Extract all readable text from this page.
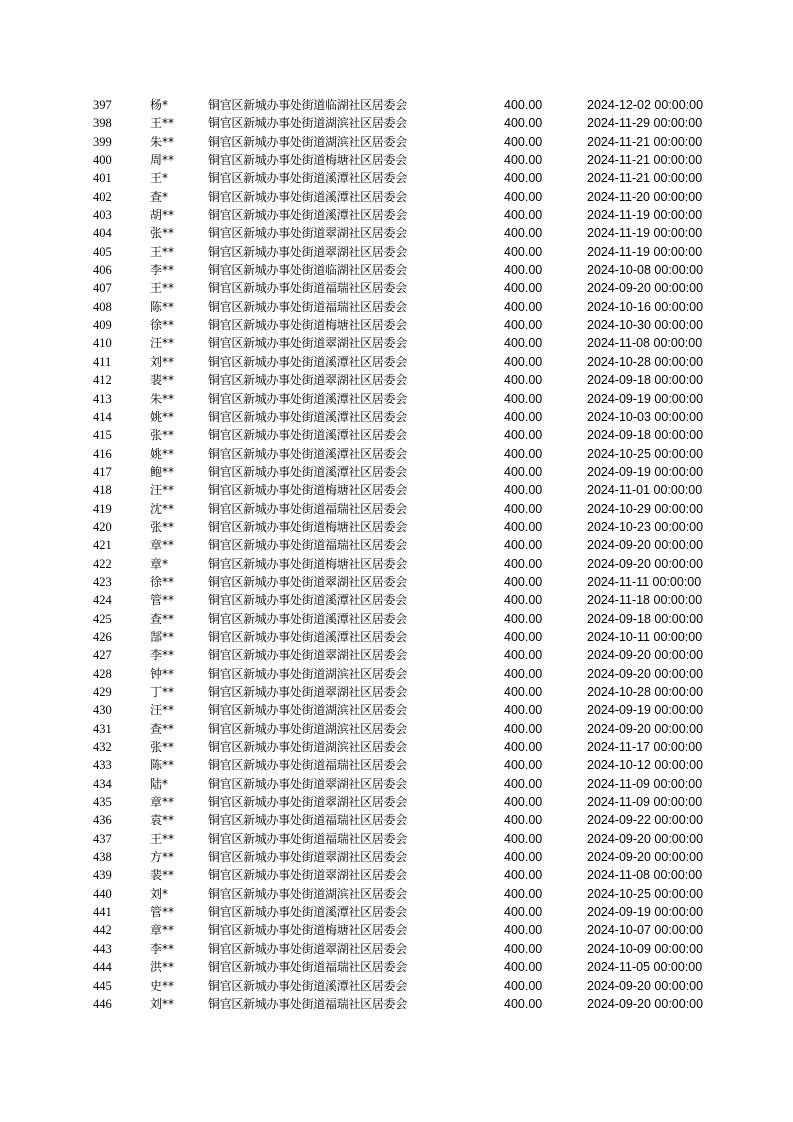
397	杨*	铜官区新城办事处街道临湖社区居委会	400.00	2024-12-02 00:00:00
398	王**	铜官区新城办事处街道湖滨社区居委会	400.00	2024-11-29 00:00:00
399	朱**	铜官区新城办事处街道湖滨社区居委会	400.00	2024-11-21 00:00:00
400	周**	铜官区新城办事处街道梅塘社区居委会	400.00	2024-11-21 00:00:00
401	王*	铜官区新城办事处街道溪潭社区居委会	400.00	2024-11-21 00:00:00
402	查*	铜官区新城办事处街道溪潭社区居委会	400.00	2024-11-20 00:00:00
403	胡**	铜官区新城办事处街道溪潭社区居委会	400.00	2024-11-19 00:00:00
404	张**	铜官区新城办事处街道翠湖社区居委会	400.00	2024-11-19 00:00:00
405	王**	铜官区新城办事处街道翠湖社区居委会	400.00	2024-11-19 00:00:00
406	李**	铜官区新城办事处街道临湖社区居委会	400.00	2024-10-08 00:00:00
407	王**	铜官区新城办事处街道福瑞社区居委会	400.00	2024-09-20 00:00:00
408	陈**	铜官区新城办事处街道福瑞社区居委会	400.00	2024-10-16 00:00:00
409	徐**	铜官区新城办事处街道梅塘社区居委会	400.00	2024-10-30 00:00:00
410	汪**	铜官区新城办事处街道翠湖社区居委会	400.00	2024-11-08 00:00:00
411	刘**	铜官区新城办事处街道溪潭社区居委会	400.00	2024-10-28 00:00:00
412	裴**	铜官区新城办事处街道翠湖社区居委会	400.00	2024-09-18 00:00:00
413	朱**	铜官区新城办事处街道溪潭社区居委会	400.00	2024-09-19 00:00:00
414	姚**	铜官区新城办事处街道溪潭社区居委会	400.00	2024-10-03 00:00:00
415	张**	铜官区新城办事处街道溪潭社区居委会	400.00	2024-09-18 00:00:00
416	姚**	铜官区新城办事处街道溪潭社区居委会	400.00	2024-10-25 00:00:00
417	鲍**	铜官区新城办事处街道溪潭社区居委会	400.00	2024-09-19 00:00:00
418	汪**	铜官区新城办事处街道梅塘社区居委会	400.00	2024-11-01 00:00:00
419	沈**	铜官区新城办事处街道福瑞社区居委会	400.00	2024-10-29 00:00:00
420	张**	铜官区新城办事处街道梅塘社区居委会	400.00	2024-10-23 00:00:00
421	章**	铜官区新城办事处街道福瑞社区居委会	400.00	2024-09-20 00:00:00
422	章*	铜官区新城办事处街道梅塘社区居委会	400.00	2024-09-20 00:00:00
423	徐**	铜官区新城办事处街道翠湖社区居委会	400.00	2024-11-11 00:00:00
424	管**	铜官区新城办事处街道溪潭社区居委会	400.00	2024-11-18 00:00:00
425	查**	铜官区新城办事处街道溪潭社区居委会	400.00	2024-09-18 00:00:00
426	郜**	铜官区新城办事处街道溪潭社区居委会	400.00	2024-10-11 00:00:00
427	李**	铜官区新城办事处街道翠湖社区居委会	400.00	2024-09-20 00:00:00
428	钟**	铜官区新城办事处街道湖滨社区居委会	400.00	2024-09-20 00:00:00
429	丁**	铜官区新城办事处街道翠湖社区居委会	400.00	2024-10-28 00:00:00
430	汪**	铜官区新城办事处街道湖滨社区居委会	400.00	2024-09-19 00:00:00
431	查**	铜官区新城办事处街道湖滨社区居委会	400.00	2024-09-20 00:00:00
432	张**	铜官区新城办事处街道湖滨社区居委会	400.00	2024-11-17 00:00:00
433	陈**	铜官区新城办事处街道福瑞社区居委会	400.00	2024-10-12 00:00:00
434	陆*	铜官区新城办事处街道翠湖社区居委会	400.00	2024-11-09 00:00:00
435	章**	铜官区新城办事处街道翠湖社区居委会	400.00	2024-11-09 00:00:00
436	袁**	铜官区新城办事处街道福瑞社区居委会	400.00	2024-09-22 00:00:00
437	王**	铜官区新城办事处街道福瑞社区居委会	400.00	2024-09-20 00:00:00
438	方**	铜官区新城办事处街道翠湖社区居委会	400.00	2024-09-20 00:00:00
439	裴**	铜官区新城办事处街道翠湖社区居委会	400.00	2024-11-08 00:00:00
440	刘*	铜官区新城办事处街道湖滨社区居委会	400.00	2024-10-25 00:00:00
441	管**	铜官区新城办事处街道溪潭社区居委会	400.00	2024-09-19 00:00:00
442	章**	铜官区新城办事处街道梅塘社区居委会	400.00	2024-10-07 00:00:00
443	李**	铜官区新城办事处街道翠湖社区居委会	400.00	2024-10-09 00:00:00
444	洪**	铜官区新城办事处街道福瑞社区居委会	400.00	2024-11-05 00:00:00
445	史**	铜官区新城办事处街道溪潭社区居委会	400.00	2024-09-20 00:00:00
446	刘**	铜官区新城办事处街道福瑞社区居委会	400.00	2024-09-20 00:00:00
